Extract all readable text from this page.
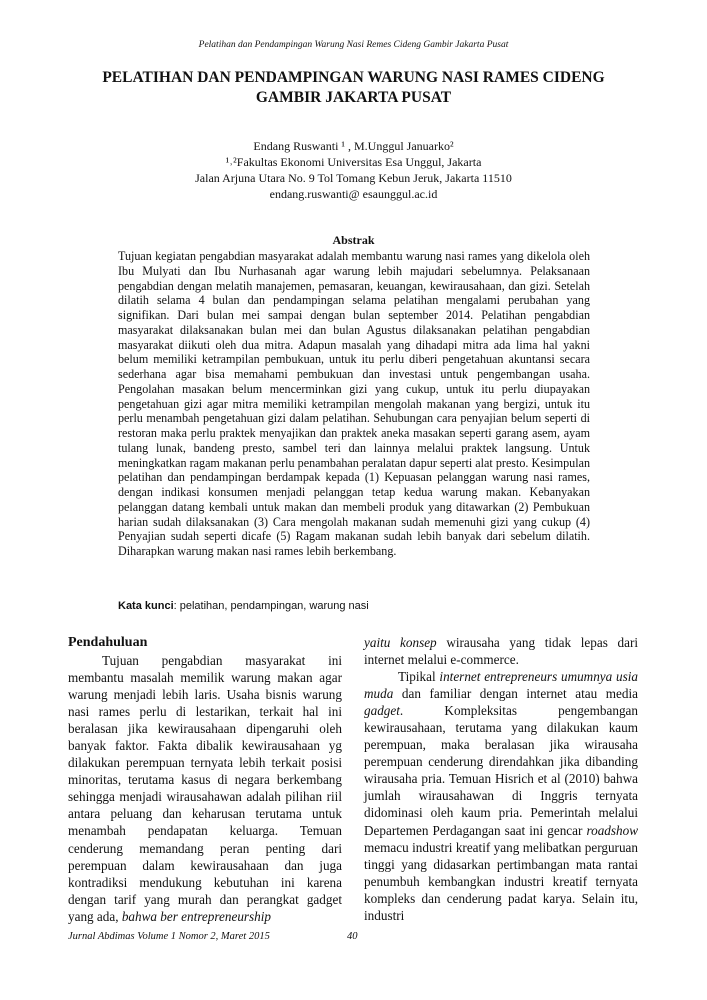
Pelatihan dan Pendampingan Warung Nasi Remes Cideng Gambir Jakarta Pusat
PELATIHAN DAN PENDAMPINGAN WARUNG NASI RAMES CIDENG
GAMBIR JAKARTA PUSAT
Endang Ruswanti ¹ , M.Unggul Januarko²
¹˒²Fakultas Ekonomi Universitas Esa Unggul, Jakarta
Jalan Arjuna Utara No. 9 Tol Tomang Kebun Jeruk, Jakarta 11510
endang.ruswanti@ esaunggul.ac.id
Abstrak
Tujuan kegiatan pengabdian masyarakat adalah membantu warung nasi rames yang dikelola oleh Ibu Mulyati dan Ibu Nurhasanah agar warung lebih majudari sebelumnya. Pelaksanaan pengabdian dengan melatih manajemen, pemasaran, keuangan, kewirausahaan, dan gizi. Setelah dilatih selama 4 bulan dan pendampingan selama pelatihan mengalami perubahan yang signifikan. Dari bulan mei sampai dengan bulan september 2014. Pelatihan pengabdian masyarakat dilaksanakan bulan mei dan bulan Agustus dilaksanakan pelatihan pengabdian masyarakat diikuti oleh dua mitra. Adapun masalah yang dihadapi mitra ada lima hal yakni belum memiliki ketrampilan pembukuan, untuk itu perlu diberi pengetahuan akuntansi secara sederhana agar bisa memahami pembukuan dan investasi untuk pengembangan usaha. Pengolahan masakan belum mencerminkan gizi yang cukup, untuk itu perlu diupayakan pengetahuan gizi agar mitra memiliki ketrampilan mengolah makanan yang bergizi, untuk itu perlu menambah pengetahuan gizi dalam pelatihan. Sehubungan cara penyajian belum seperti di restoran maka perlu praktek menyajikan dan praktek aneka masakan seperti garang asem, ayam tulang lunak, bandeng presto, sambel teri dan lainnya melalui praktek langsung. Untuk meningkatkan ragam makanan perlu penambahan peralatan dapur seperti alat presto. Kesimpulan pelatihan dan pendampingan berdampak kepada (1) Kepuasan pelanggan warung nasi rames, dengan indikasi konsumen menjadi pelanggan tetap kedua warung makan. Kebanyakan pelanggan datang kembali untuk makan dan membeli produk yang ditawarkan (2) Pembukuan harian sudah dilaksanakan (3) Cara mengolah makanan sudah memenuhi gizi yang cukup (4) Penyajian sudah seperti dicafe (5) Ragam makanan sudah lebih banyak dari sebelum dilatih. Diharapkan warung makan nasi rames lebih berkembang.
Kata kunci: pelatihan, pendampingan, warung nasi

Pendahuluan

Tujuan pengabdian masyarakat ini membantu masalah memilik warung makan agar warung menjadi lebih laris. Usaha bisnis warung nasi rames perlu di lestarikan, terkait hal ini beralasan jika kewirausahaan dipengaruhi oleh banyak faktor. Fakta dibalik kewirausahaan yg dilakukan perempuan ternyata lebih terkait posisi minoritas, terutama kasus di negara berkembang sehingga menjadi wirausahawan adalah pilihan riil antara peluang dan keharusan terutama untuk menambah pendapatan keluarga. Temuan cenderung memandang peran penting dari perempuan dalam kewirausahaan dan juga kontradiksi mendukung kebutuhan ini karena dengan tarif yang murah dan perangkat gadget yang ada, bahwa ber entrepreneurship

yaitu konsep wirausaha yang tidak lepas dari internet melalui e-commerce.

Tipikal internet entrepreneurs umumnya usia muda dan familiar dengan internet atau media gadget. Kompleksitas pengembangan kewirausahaan, terutama yang dilakukan kaum perempuan, maka beralasan jika wirausaha perempuan cenderung direndahkan jika dibanding wirausaha pria. Temuan Hisrich et al (2010) bahwa jumlah wirausahawan di Inggris ternyata didominasi oleh kaum pria. Pemerintah melalui Departemen Perdagangan saat ini gencar roadshow memacu industri kreatif yang melibatkan perguruan tinggi yang didasarkan pertimbangan mata rantai penumbuh kembangkan industri kreatif ternyata kompleks dan cenderung padat karya. Selain itu, industri

Jurnal Abdimas Volume 1 Nomor 2, Maret 2015	40
